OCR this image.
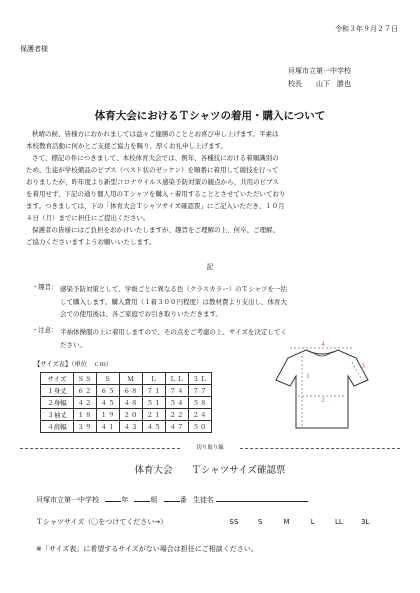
令和３年９月２７日
保護者様
貝塚市立第一中学校
校長　　山下　勝也
体育大会におけるＴシャツの着用・購入について
秋晴の候、皆様方におかれましては益々ご健勝のこととお喜び申し上げます。平素は
本校教育活動に何かとご支援ご協力を賜り、厚くお礼申し上げます。
さて、標記の件につきまして、本校体育大会では、例年、各種技における着順識別の
ため、生徒が学校備品のビブス（ベスト状のゼッケン）を順番に着用して競技を行って
おりましたが、昨年度より新型コロナウイルス感染予防対策の観点から、共用のビブス
を着用せず、下記の通り個人用のＴシャツを購入・着用することとさせていただいており
ます。つきましては、下の「体育大会Ｔシャツサイズ確認票」にご記入いただき、１０月
４日（月）までに担任にご提出ください。
保護者の皆様にはご負担をおかけいたしますが、趣旨をご理解の上、何卒、ご理解、
ご協力くださいますようお願いいたします。
記
・趣旨： 感染予防対策として、学級ごとに異なる色（クラスカラー）のＴシャツを一括
して購入します。購入費用（１着３００円程度）は教材費より支出し、体育大
会での使用後は、各ご家庭でお引き取りいただきます。
・注意： 半袖体操服の上に着用しますので、その点をご考慮の上、サイズを決定してく
ださい。
【サイズ表】（単位　ｃｍ）
サイズ	ＳＳ	Ｓ	Ｍ	Ｌ	ＬＬ	３Ｌ
１身丈	６２	６５	６８	７１	７４	７７
２身幅	４２	４５	４８	５１	５４	５８
３袖丈	１８	１９	２０	２１	２２	２４
４肩幅	３９	４１	４３	４５	４７	５０
１
２
３
４
切り取り線
体育大会　　Ｔシャツサイズ確認票
貝塚市立第一中学校	年	組	番 生徒名
Ｔシャツサイズ（〇をつけてください→）	SS	S	M	L	LL	3L
※「サイズ表」に希望するサイズがない場合は担任にご相談ください。
